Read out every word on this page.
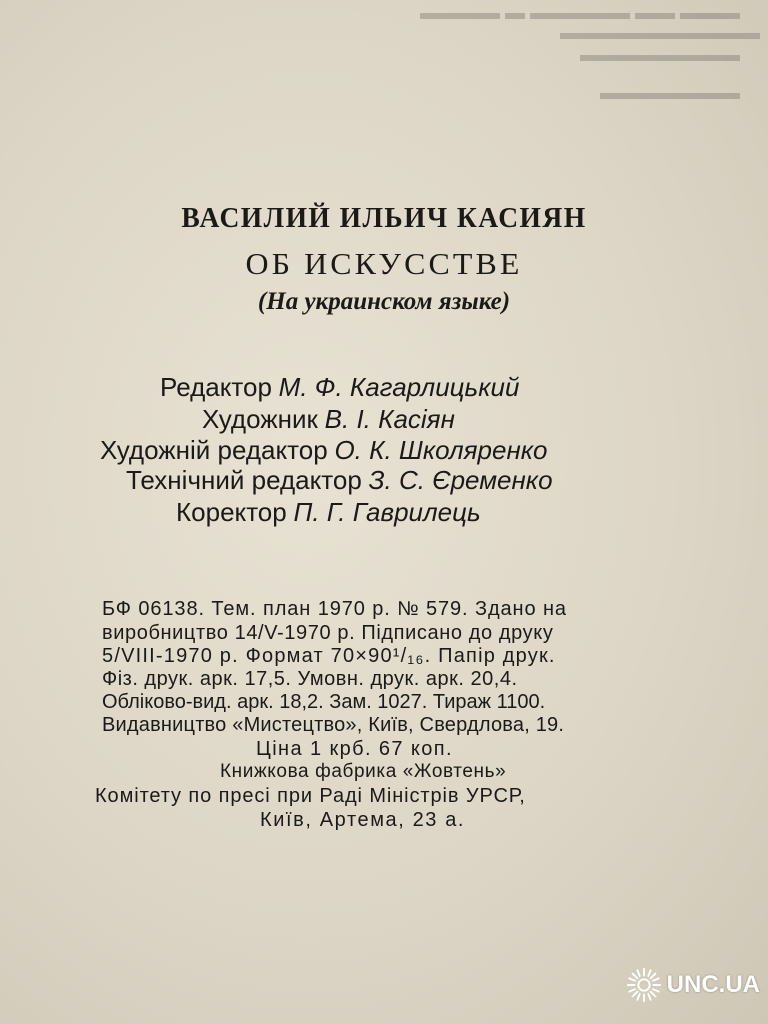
▬▬▬ ▬▬ ▬▬▬▬▬ ▬ ▬▬▬▬
▬▬▬▬▬▬▬▬▬▬
▬▬▬▬▬▬▬▬
▬▬▬▬▬▬▬
ВАСИЛИЙ ИЛЬИЧ КАСИЯН
ОБ ИСКУССТВЕ
(На украинском языке)
Редактор М. Ф. Кагарлицький
Художник В. І. Касіян
Художній редактор О. К. Школяренко
Технічний редактор З. С. Єременко
Коректор П. Г. Гаврилець
БФ 06138. Тем. план 1970 р. № 579. Здано на
виробництво 14/V-1970 р. Підписано до друку
5/VIII-1970 р. Формат 70×90¹/₁₆. Папір друк.
Фіз. друк. арк. 17,5. Умовн. друк. арк. 20,4.
Обліково-вид. арк. 18,2. Зам. 1027. Тираж 1100.
Видавництво «Мистецтво», Київ, Свердлова, 19.
Ціна 1 крб. 67 коп.
Книжкова фабрика «Жовтень»
Комітету по пресі при Раді Міністрів УРСР,
Київ, Артема, 23 а.
UNC.UA
